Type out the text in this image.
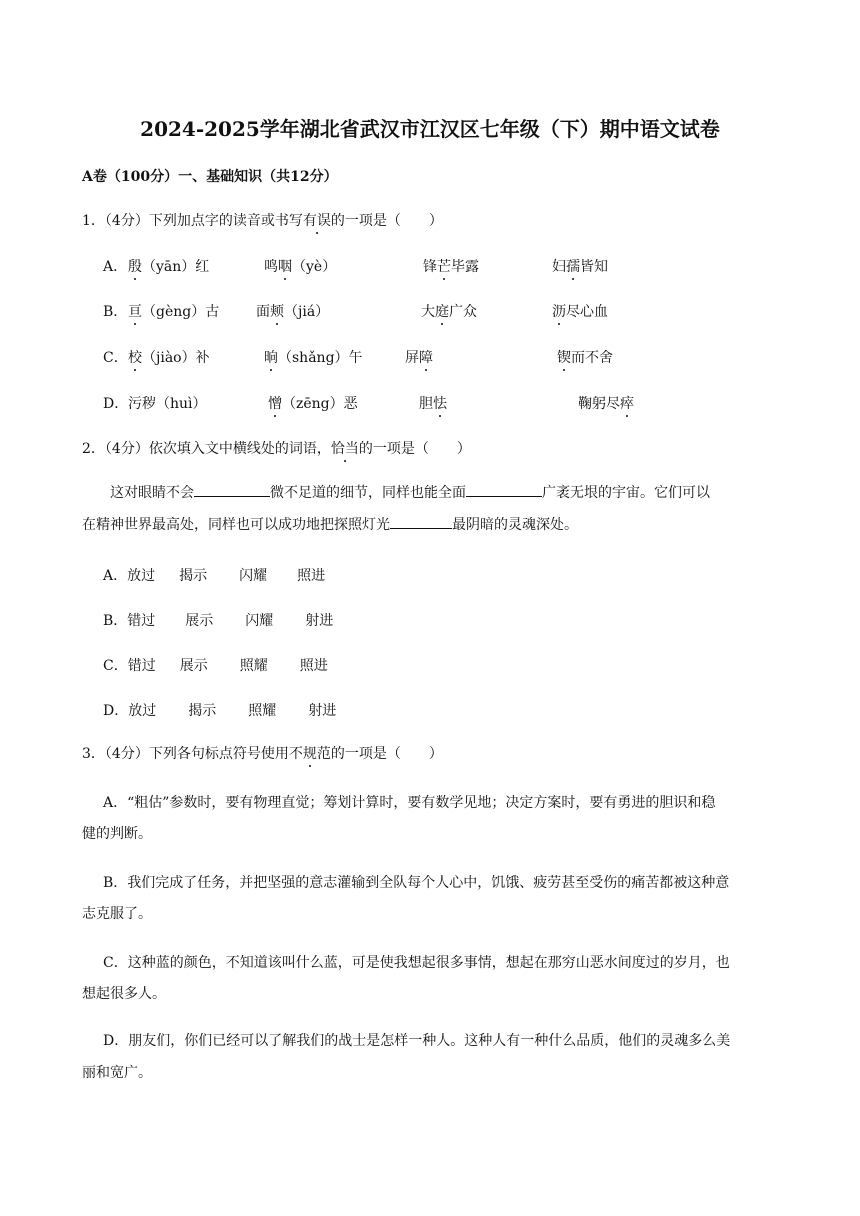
2024-2025学年湖北省武汉市江汉区七年级（下）期中语文试卷
A卷（100分）一、基础知识（共12分）
1．（4分）下列加点字的读音或书写有误的一项是（　　）
A． 殷（yān）红	鸣咽（yè）	锋芒毕露	妇孺皆知
B． 亘（gèng）古	面颊（jiá）	大庭广众	沥尽心血
C． 校（jiào）补	晌（shǎng）午	屏障	锲而不舍
D． 污秽（huì）	憎（zēng）恶	胆怯	鞠躬尽瘁
2．（4分）依次填入文中横线处的词语，恰当的一项是（　　）
这对眼睛不会	微不足道的细节，同样也能全面	广袤无垠的宇宙。它们可以
在精神世界最高处，同样也可以成功地把探照灯光	最阴暗的灵魂深处。
A．放过 揭示 闪耀 照进
B．错过 展示 闪耀 射进
C．错过 展示 照耀 照进
D．放过 揭示 照耀 射进
3．（4分）下列各句标点符号使用不规范的一项是（　　）
A．“粗估”参数时，要有物理直觉；筹划计算时，要有数学见地；决定方案时，要有勇进的胆识和稳
健的判断。
B．我们完成了任务，并把坚强的意志灌输到全队每个人心中，饥饿、疲劳甚至受伤的痛苦都被这种意
志克服了。
C．这种蓝的颜色，不知道该叫什么蓝，可是使我想起很多事情，想起在那穷山恶水间度过的岁月，也
想起很多人。
D．朋友们，你们已经可以了解我们的战士是怎样一种人。这种人有一种什么品质，他们的灵魂多么美
丽和宽广。
